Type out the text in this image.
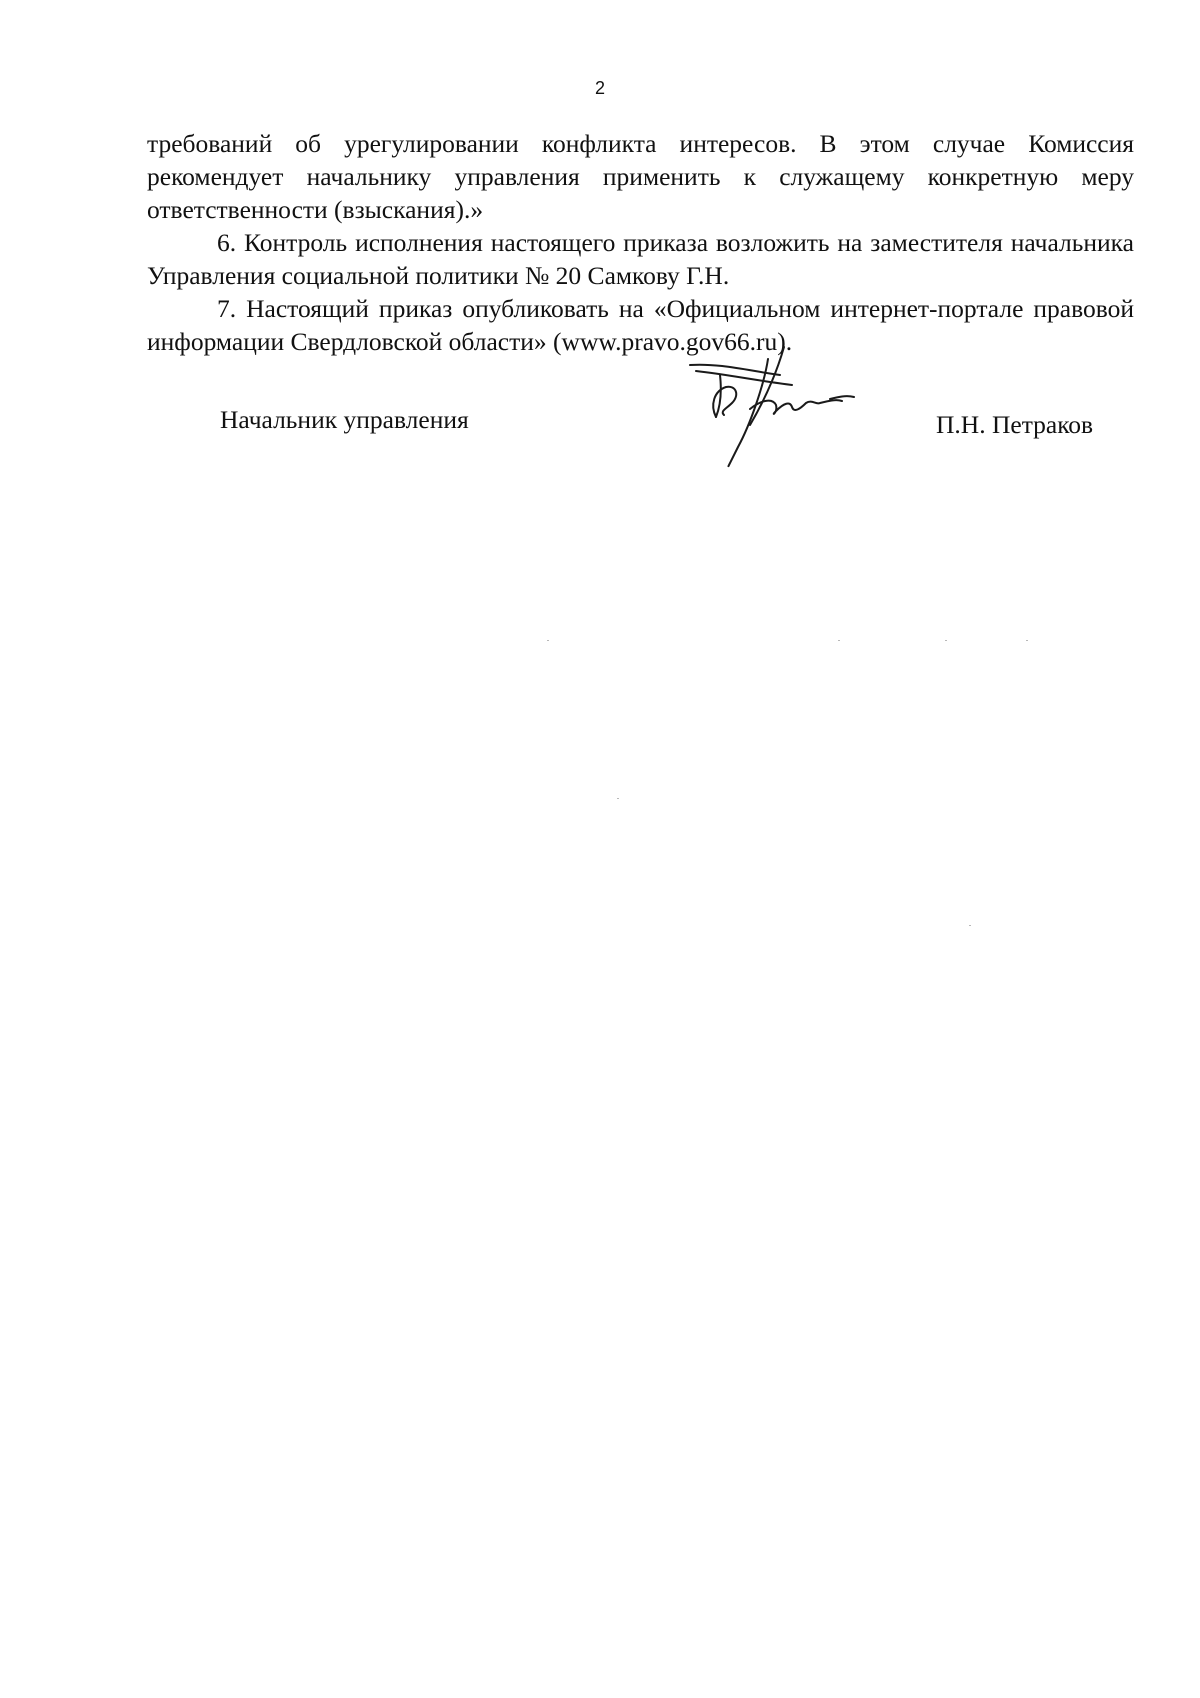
2

требований об урегулировании конфликта интересов. В этом случае Комиссия рекомендует начальнику управления применить к служащему конкретную меру ответственности (взыскания).»

6. Контроль исполнения настоящего приказа возложить на заместителя начальника Управления социальной политики № 20 Самкову Г.Н.

7. Настоящий приказ опубликовать на «Официальном интернет-портале правовой информации Свердловской области» (www.pravo.gov66.ru).

Начальник управления	П.Н. Петраков
